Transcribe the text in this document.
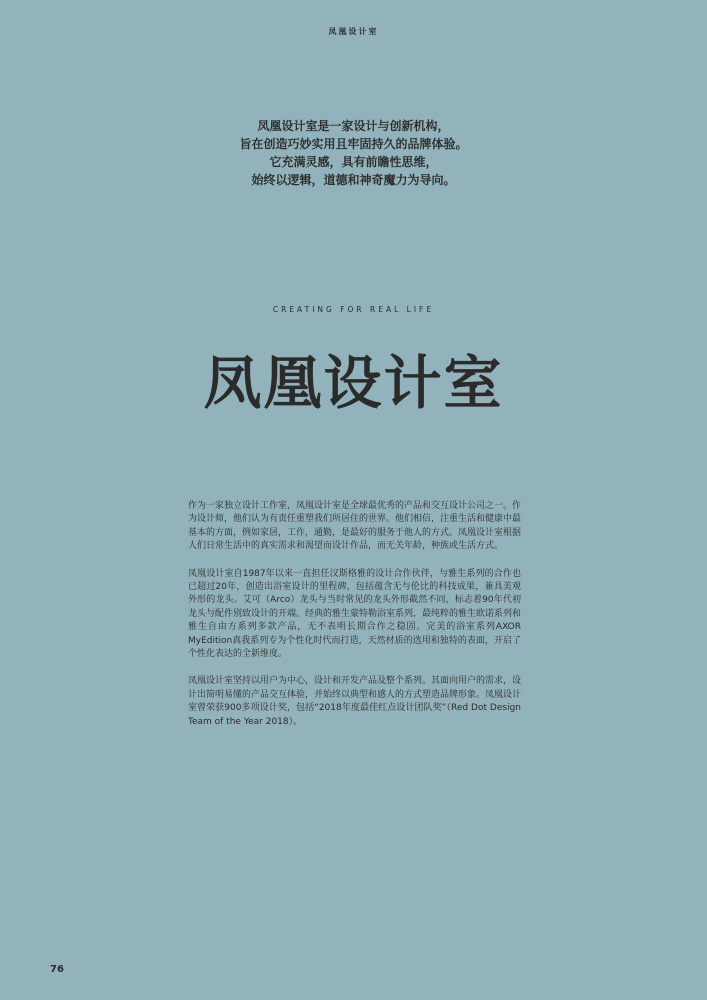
凤凰设计室
凤凰设计室是一家设计与创新机构，
旨在创造巧妙实用且牢固持久的品牌体验。
它充满灵感，具有前瞻性思维，
始终以逻辑，道德和神奇魔力为导向。
CREATING FOR REAL LIFE
凤凰设计室

作为一家独立设计工作室，凤凰设计室是全球最优秀的产品和交互设计公司之一。作为设计师，他们认为有责任重塑我们所居住的世界。他们相信，注重生活和健康中最基本的方面，例如家居，工作，通勤，是最好的服务于他人的方式。凤凰设计室根据人们日常生活中的真实需求和渴望而设计作品，而无关年龄，种族或生活方式。

凤凰设计室自1987年以来一直担任汉斯格雅的设计合作伙伴，与雅生系列的合作也已超过20年，创造出浴室设计的里程碑，包括蕴含无与伦比的科技成果，兼具美观外形的龙头。艾可（Arco）龙头与当时常见的龙头外形截然不同，标志着90年代初龙头与配件别致设计的开端。经典的雅生蒙特勒浴室系列，最纯粹的雅生欧诺系列和雅生自由方系列多款产品，无不表明长期合作之稳固。完美的浴室系列AXOR MyEdition真我系列专为个性化时代而打造，天然材质的选用和独特的表面，开启了个性化表达的全新维度。

凤凰设计室坚持以用户为中心，设计和开发产品及整个系列。其面向用户的需求，设计出简明易懂的产品交互体验，并始终以典型和感人的方式塑造品牌形象。凤凰设计室曾荣获900多项设计奖，包括“2018年度最佳红点设计团队奖”（Red Dot Design Team of the Year 2018）。

76
